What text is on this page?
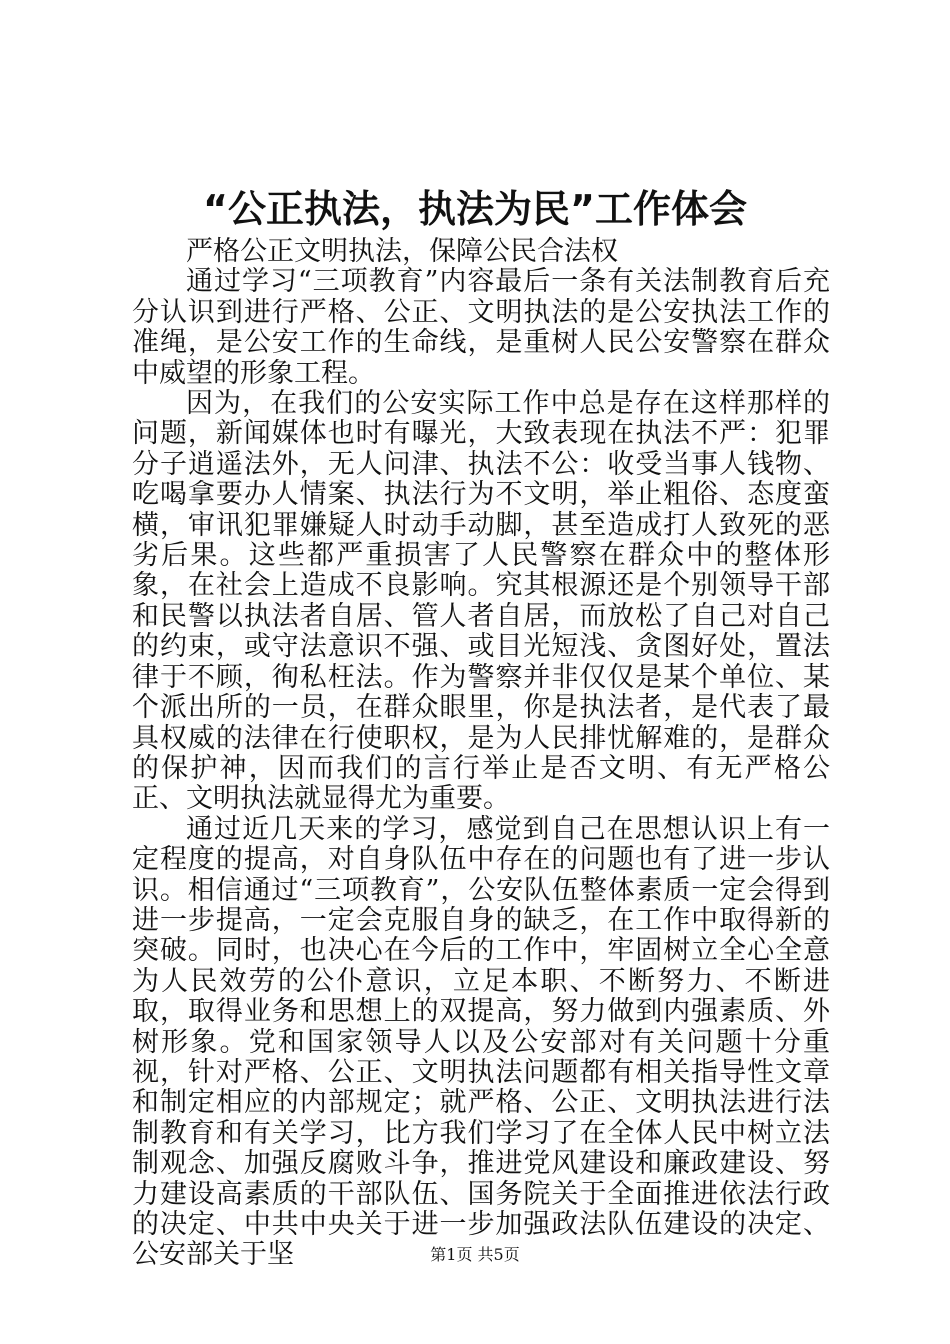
“公正执法，执法为民”工作体会

严格公正文明执法，保障公民合法权

通过学习“三项教育”内容最后一条有关法制教育后充分认识到进行严格、公正、文明执法的是公安执法工作的准绳，是公安工作的生命线，是重树人民公安警察在群众中威望的形象工程。

因为，在我们的公安实际工作中总是存在这样那样的问题，新闻媒体也时有曝光，大致表现在执法不严：犯罪分子逍遥法外，无人问津、执法不公：收受当事人钱物、吃喝拿要办人情案、执法行为不文明，举止粗俗、态度蛮横，审讯犯罪嫌疑人时动手动脚，甚至造成打人致死的恶劣后果。这些都严重损害了人民警察在群众中的整体形象，在社会上造成不良影响。究其根源还是个别领导干部和民警以执法者自居、管人者自居，而放松了自己对自己的约束，或守法意识不强、或目光短浅、贪图好处，置法律于不顾，徇私枉法。作为警察并非仅仅是某个单位、某个派出所的一员，在群众眼里，你是执法者，是代表了最具权威的法律在行使职权，是为人民排忧解难的，是群众的保护神，因而我们的言行举止是否文明、有无严格公正、文明执法就显得尤为重要。

通过近几天来的学习，感觉到自己在思想认识上有一定程度的提高，对自身队伍中存在的问题也有了进一步认识。相信通过“三项教育”，公安队伍整体素质一定会得到进一步提高，一定会克服自身的缺乏，在工作中取得新的突破。同时，也决心在今后的工作中，牢固树立全心全意为人民效劳的公仆意识，立足本职、不断努力、不断进取，取得业务和思想上的双提高，努力做到内强素质、外树形象。党和国家领导人以及公安部对有关问题十分重视，针对严格、公正、文明执法问题都有相关指导性文章和制定相应的内部规定；就严格、公正、文明执法进行法制教育和有关学习，比方我们学习了在全体人民中树立法制观念、加强反腐败斗争，推进党风建设和廉政建设、努力建设高素质的干部队伍、国务院关于全面推进依法行政的决定、中共中央关于进一步加强政法队伍建设的决定、公安部关于坚	第1页 共5页
